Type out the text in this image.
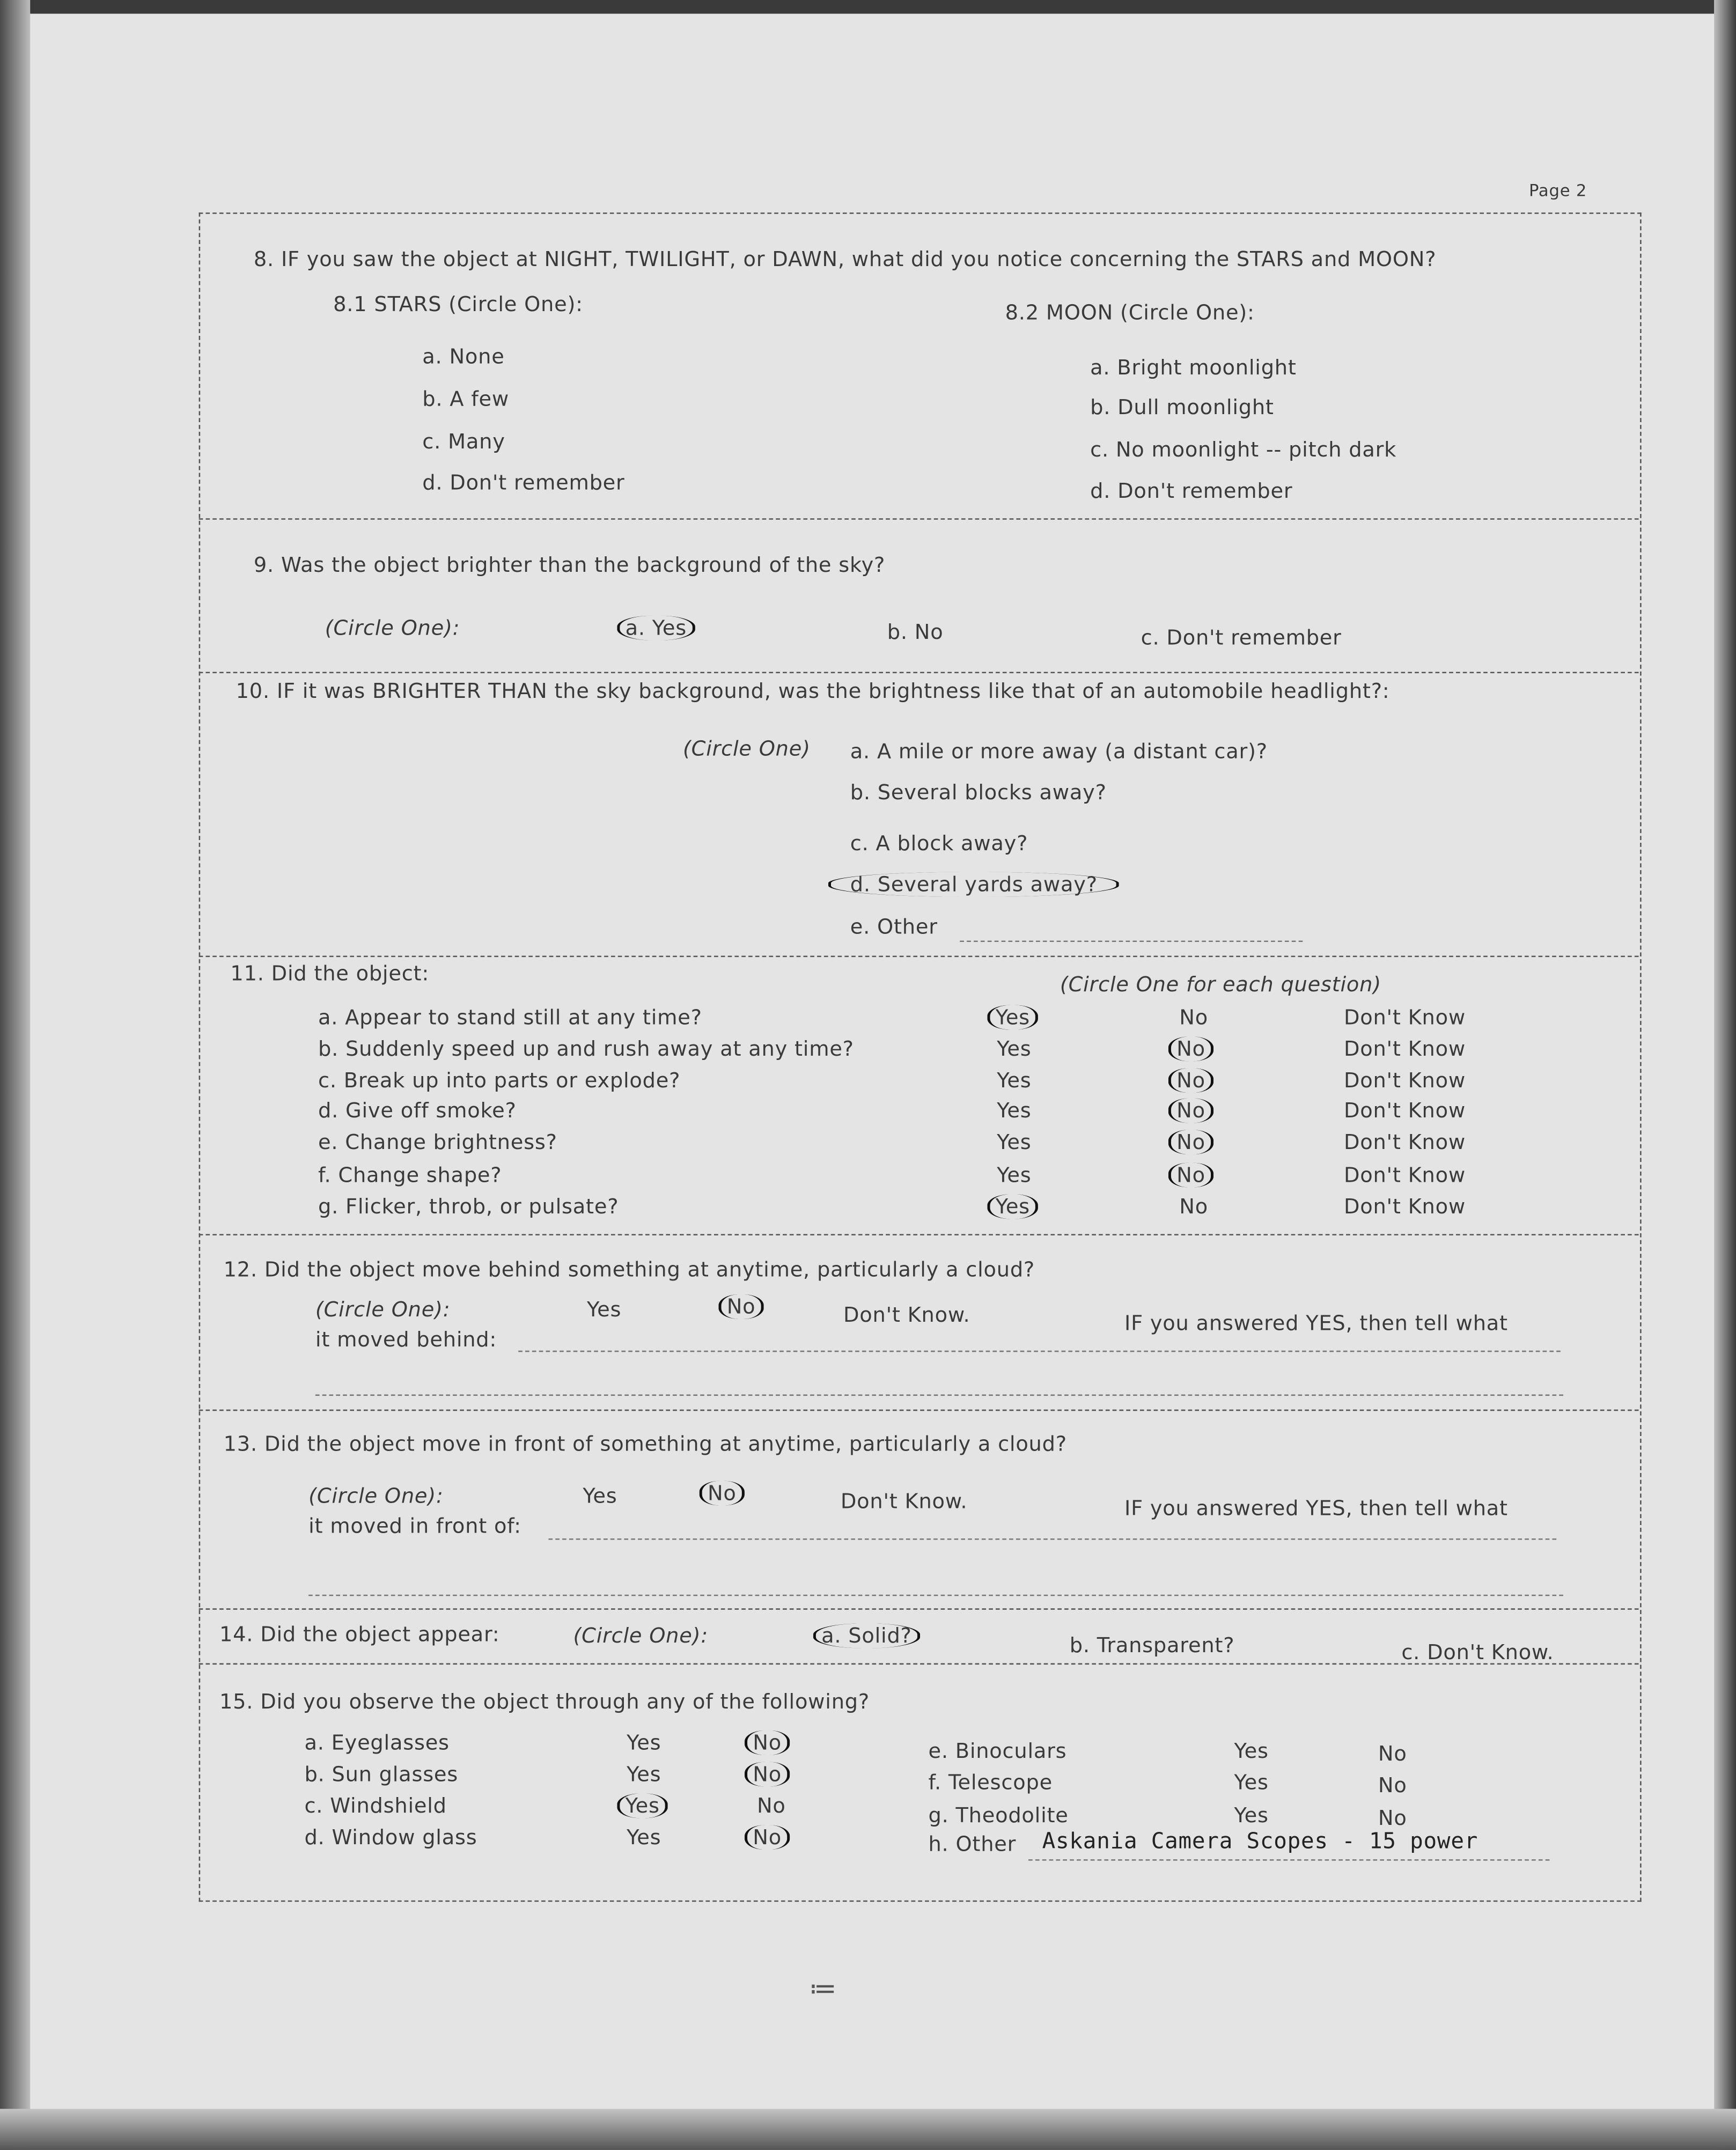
Page 2
8. IF you saw the object at NIGHT, TWILIGHT, or DAWN, what did you notice concerning the STARS and MOON?
8.1 STARS (Circle One):	8.2 MOON (Circle One):
a. None
b. A few
c. Many
d. Don't remember
a. Bright moonlight
b. Dull moonlight
c. No moonlight -- pitch dark
d. Don't remember
9. Was the object brighter than the background of the sky?
(Circle One):	a. Yes	b. No	c. Don't remember
10. IF it was BRIGHTER THAN the sky background, was the brightness like that of an automobile headlight?:
(Circle One)	a. A mile or more away (a distant car)?
b. Several blocks away?
c. A block away?
d. Several yards away?
e. Other
11. Did the object:	(Circle One for each question)
a. Appear to stand still at any time?	Yes	No	Don't Know
b. Suddenly speed up and rush away at any time?	Yes	No	Don't Know
c. Break up into parts or explode?	Yes	No	Don't Know
d. Give off smoke?	Yes	No	Don't Know
e. Change brightness?	Yes	No	Don't Know
f. Change shape?	Yes	No	Don't Know
g. Flicker, throb, or pulsate?	Yes	No	Don't Know
12. Did the object move behind something at anytime, particularly a cloud?
(Circle One):	Yes	No	Don't Know.	IF you answered YES, then tell what
it moved behind:
13. Did the object move in front of something at anytime, particularly a cloud?
(Circle One):	Yes	No	Don't Know.	IF you answered YES, then tell what
it moved in front of:
14. Did the object appear:	(Circle One):	a. Solid?	b. Transparent?	c. Don't Know.
15. Did you observe the object through any of the following?
a. Eyeglasses	Yes	No
b. Sun glasses	Yes	No
c. Windshield	Yes	No
d. Window glass	Yes	No
e. Binoculars	Yes	No
f. Telescope	Yes	No
g. Theodolite	Yes	No
h. Other	Askania Camera Scopes - 15 power
≔
